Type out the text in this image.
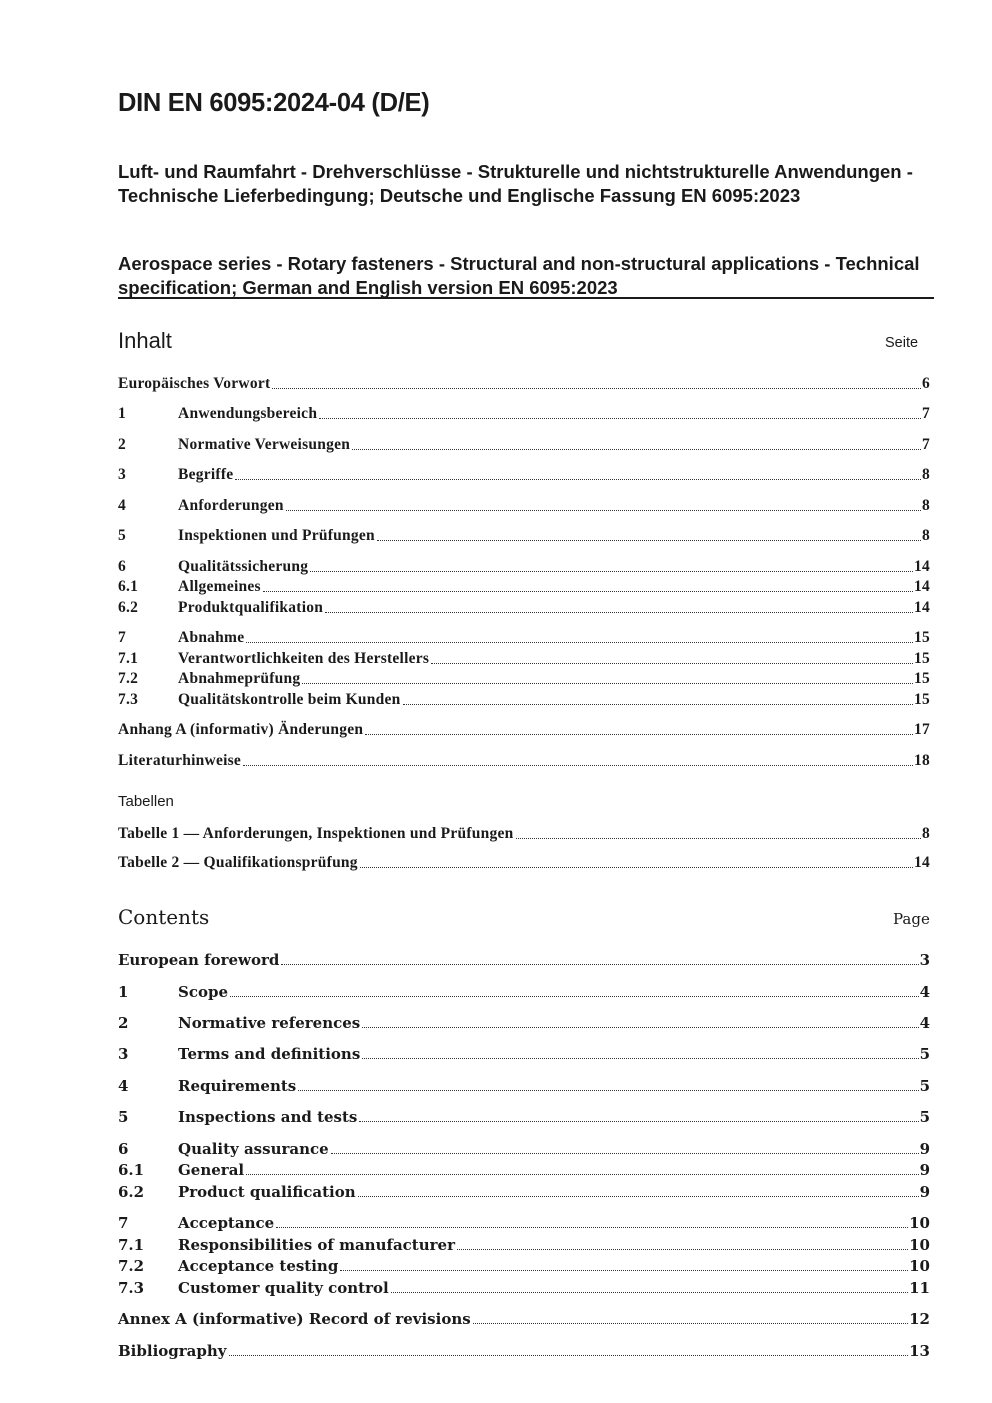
DIN EN 6095:2024-04 (D/E)
Luft- und Raumfahrt - Drehverschlüsse - Strukturelle und nichtstrukturelle Anwendungen - Technische Lieferbedingung; Deutsche und Englische Fassung EN 6095:2023
Aerospace series - Rotary fasteners - Structural and non-structural applications - Technical specification; German and English version EN 6095:2023
Inhalt	Seite
Europäisches Vorwort	6
1	Anwendungsbereich	7
2	Normative Verweisungen	7
3	Begriffe	8
4	Anforderungen	8
5	Inspektionen und Prüfungen	8
6	Qualitätssicherung	14
6.1	Allgemeines	14
6.2	Produktqualifikation	14
7	Abnahme	15
7.1	Verantwortlichkeiten des Herstellers	15
7.2	Abnahmeprüfung	15
7.3	Qualitätskontrolle beim Kunden	15
Anhang A (informativ) Änderungen	17
Literaturhinweise	18
Tabellen
Tabelle 1 — Anforderungen, Inspektionen und Prüfungen	8
Tabelle 2 — Qualifikationsprüfung	14
Contents	Page
European foreword	3
1	Scope	4
2	Normative references	4
3	Terms and definitions	5
4	Requirements	5
5	Inspections and tests	5
6	Quality assurance	9
6.1	General	9
6.2	Product qualification	9
7	Acceptance	10
7.1	Responsibilities of manufacturer	10
7.2	Acceptance testing	10
7.3	Customer quality control	11
Annex A (informative) Record of revisions	12
Bibliography	13
